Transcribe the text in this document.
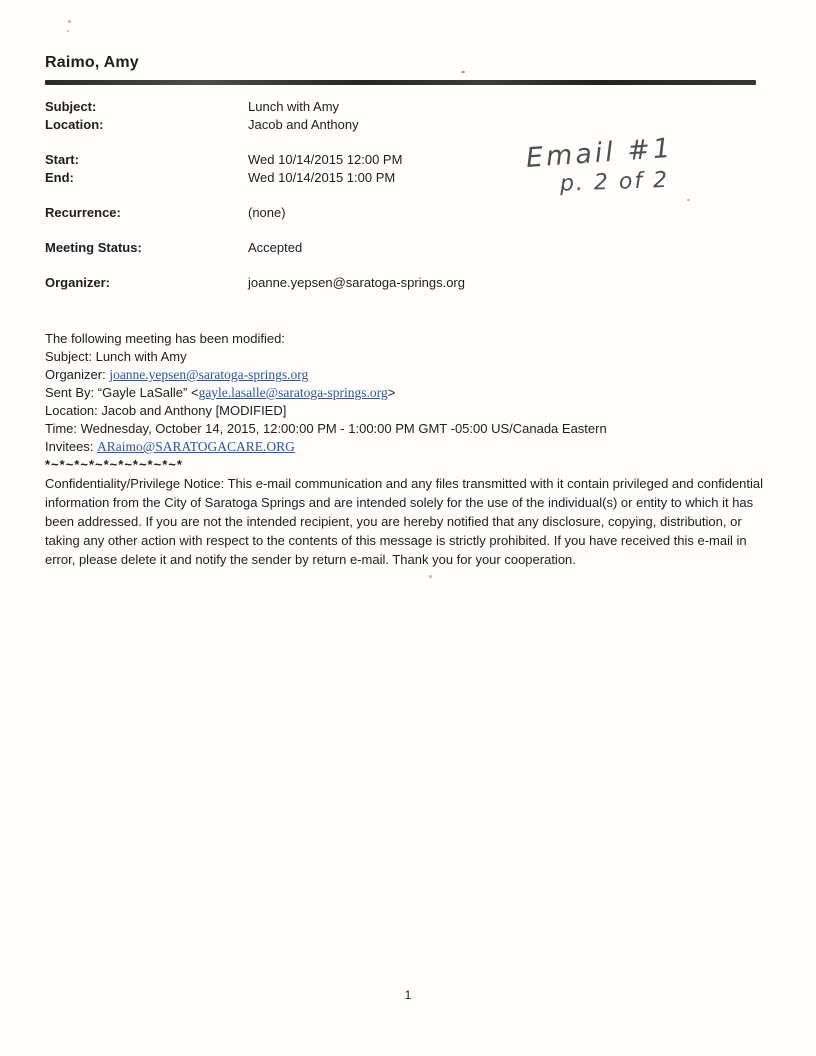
Raimo, Amy
Subject:	Lunch with Amy
Location:	Jacob and Anthony
Start:	Wed 10/14/2015 12:00 PM
End:	Wed 10/14/2015 1:00 PM
Recurrence:	(none)
Meeting Status:	Accepted
Organizer:	joanne.yepsen@saratoga-springs.org
Email #1
p. 2 of 2

The following meeting has been modified:

Subject: Lunch with Amy

Organizer: joanne.yepsen@saratoga-springs.org

Sent By: “Gayle LaSalle” <gayle.lasalle@saratoga-springs.org>

Location: Jacob and Anthony [MODIFIED]

Time: Wednesday, October 14, 2015, 12:00:00 PM - 1:00:00 PM GMT -05:00 US/Canada Eastern

Invitees: ARaimo@SARATOGACARE.ORG

*~*~*~*~*~*~*~*~*~*

Confidentiality/Privilege Notice: This e-mail communication and any files transmitted with it contain privileged and confidential information from the City of Saratoga Springs and are intended solely for the use of the individual(s) or entity to which it has been addressed. If you are not the intended recipient, you are hereby notified that any disclosure, copying, distribution, or taking any other action with respect to the contents of this message is strictly prohibited. If you have received this e-mail in error, please delete it and notify the sender by return e-mail. Thank you for your cooperation.

1
